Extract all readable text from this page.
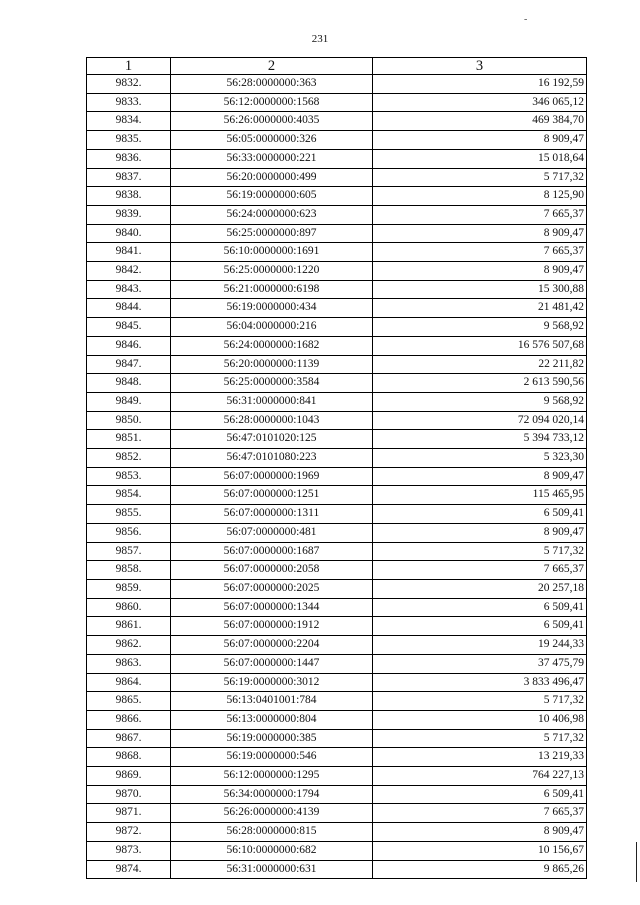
-
231
1	2	3
9832.	56:28:0000000:363	16 192,59
9833.	56:12:0000000:1568	346 065,12
9834.	56:26:0000000:4035	469 384,70
9835.	56:05:0000000:326	8 909,47
9836.	56:33:0000000:221	15 018,64
9837.	56:20:0000000:499	5 717,32
9838.	56:19:0000000:605	8 125,90
9839.	56:24:0000000:623	7 665,37
9840.	56:25:0000000:897	8 909,47
9841.	56:10:0000000:1691	7 665,37
9842.	56:25:0000000:1220	8 909,47
9843.	56:21:0000000:6198	15 300,88
9844.	56:19:0000000:434	21 481,42
9845.	56:04:0000000:216	9 568,92
9846.	56:24:0000000:1682	16 576 507,68
9847.	56:20:0000000:1139	22 211,82
9848.	56:25:0000000:3584	2 613 590,56
9849.	56:31:0000000:841	9 568,92
9850.	56:28:0000000:1043	72 094 020,14
9851.	56:47:0101020:125	5 394 733,12
9852.	56:47:0101080:223	5 323,30
9853.	56:07:0000000:1969	8 909,47
9854.	56:07:0000000:1251	115 465,95
9855.	56:07:0000000:1311	6 509,41
9856.	56:07:0000000:481	8 909,47
9857.	56:07:0000000:1687	5 717,32
9858.	56:07:0000000:2058	7 665,37
9859.	56:07:0000000:2025	20 257,18
9860.	56:07:0000000:1344	6 509,41
9861.	56:07:0000000:1912	6 509,41
9862.	56:07:0000000:2204	19 244,33
9863.	56:07:0000000:1447	37 475,79
9864.	56:19:0000000:3012	3 833 496,47
9865.	56:13:0401001:784	5 717,32
9866.	56:13:0000000:804	10 406,98
9867.	56:19:0000000:385	5 717,32
9868.	56:19:0000000:546	13 219,33
9869.	56:12:0000000:1295	764 227,13
9870.	56:34:0000000:1794	6 509,41
9871.	56:26:0000000:4139	7 665,37
9872.	56:28:0000000:815	8 909,47
9873.	56:10:0000000:682	10 156,67
9874.	56:31:0000000:631	9 865,26
